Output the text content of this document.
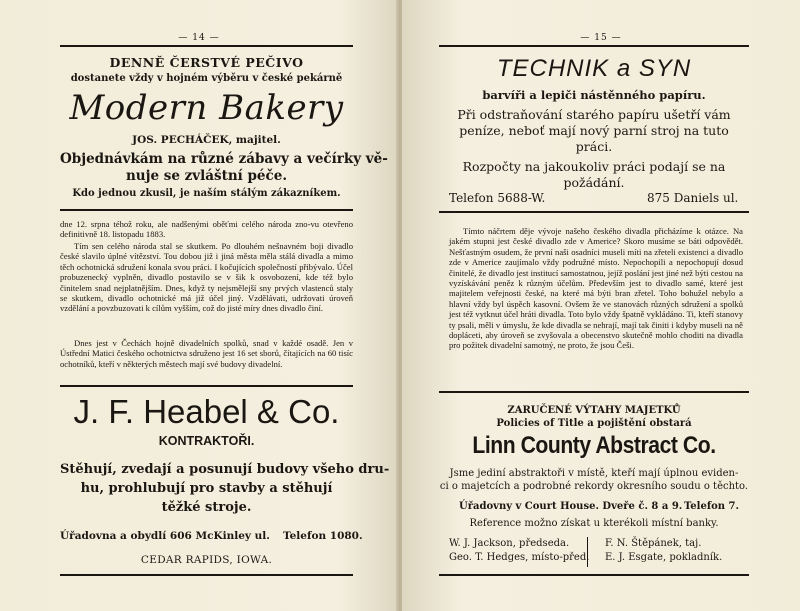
— 14 —
DENNĚ ČERSTVÉ PEČIVO
dostanete vždy v hojném výběru v české pekárně
Modern Bakery
JOS. PECHÁČEK, majitel.
Objednávkám na různé zábavy a večírky vě-
nuje se zvláštní péče.
Kdo jednou zkusil, je naším stálým zákazníkem.
dne 12. srpna téhož roku, ale nadšenými oběťmi celého národa zno-vu otevřeno definitivně 18. listopadu 1883.
Tím sen celého národa stal se skutkem. Po dlouhém nešnavném boji divadlo české slavilo úplné vítězství. Tou dobou již i jiná města měla stálá divadla a mimo těch ochotnická sdružení konala svou práci. I kočujících společností přibývalo. Účel probuzenecký vyplněn, divadlo postavilo se v šik k osvobození, kde též bylo činitelem snad nejplatnějším. Dnes, když ty nejsmělejší sny prvých vlastenců staly se skutkem, divadlo ochotnické má již účel jiný. Vzdělávati, udržovati úroveň vzdělání a povzbuzovati k cílům vyšším, což do jisté míry dnes divadlo činí.
Dnes jest v Čechách hojně divadelních spolků, snad v každé osadě. Jen v Ústřední Matici českého ochotnictva sdruženo jest 16 set sborů, čítajících na 60 tisíc ochotníků, kteří v některých městech mají své budovy divadelní.
J. F. Heabel & Co.
KONTRAKTOŘI.
Stěhují, zvedají a posunují budovy všeho dru-
hu, prohlubují pro stavby a stěhují
těžké stroje.
Úřadovna a obydlí 606 McKinley ul. Telefon 1080.
CEDAR RAPIDS, IOWA.
— 15 —
TECHNIK a SYN
barvíři a lepiči nástěnného papíru.
Při odstraňování starého papíru ušetří vám
peníze, neboť mají nový parní stroj na tuto
práci.
Rozpočty na jakoukoliv práci podají se na
požádání.
Telefon 5688-W.	875 Daniels ul.
Tímto náčrtem děje vývoje našeho českého divadla přicházíme k otázce. Na jakém stupni jest české divadlo zde v Americe? Skoro musíme se báti odpovědět. Nešťastným osudem, že první naši osadníci museli míti na zřeteli existenci a divadlo zde v Americe zaujímalo vždy podružné místo. Nepochopili a nepochopují dosud činitelé, že divadlo jest institucí samostatnou, jejíž poslání jest jiné než býti cestou na vyzískávání peněz k různým účelům. Především jest to divadlo samé, které jest majitelem veřejnosti české, na které má býti bran zřetel. Toho bohužel nebylo a hlavní vždy byl úspěch kasovní. Ovšem že ve stanovách různých sdružení a spolků jest též vytknut účel hráti divadla. Toto bylo vždy špatně vykládáno. Ti, kteří stanovy ty psali, měli v úmyslu, že kde divadla se nehrají, mají tak činiti i kdyby museli na ně dopláceti, aby úroveň se zvyšovala a obecenstvo skutečně mohlo choditi na divadla pro požitek divadelní samotný, ne proto, že jsou Češi.
ZARUČENÉ VÝTAHY MAJETKŮ
Policies of Title a pojištění obstará
Linn County Abstract Co.
Jsme jediní abstraktoři v místě, kteří mají úplnou eviden-
ci o majetcích a podrobné rekordy okresního soudu o těchto.
Úřadovny v Court House. Dveře č. 8 a 9. Telefon 7.
Reference možno získat u kterékoli místní banky.
W. J. Jackson, předseda.
Geo. T. Hedges, místo-před.
F. N. Štěpánek, taj.
E. J. Esgate, pokladník.
